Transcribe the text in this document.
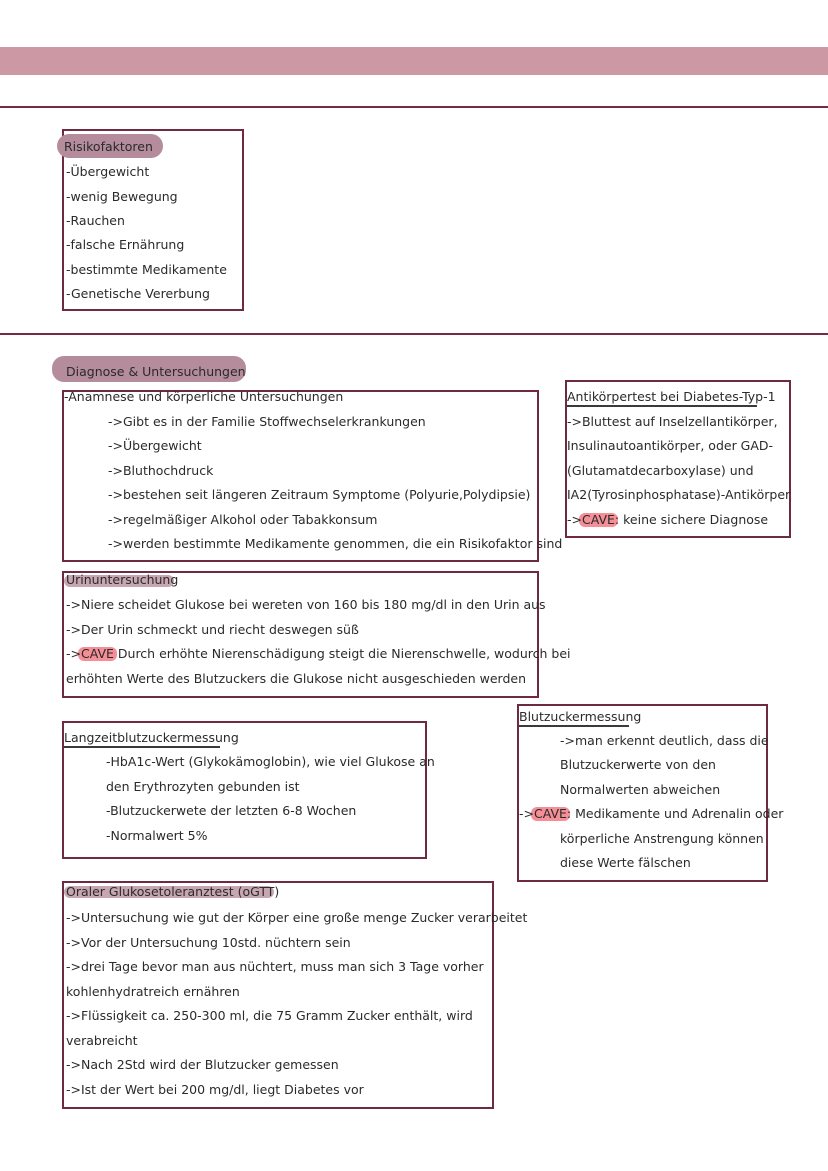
Risikofaktoren
-Übergewicht
-wenig Bewegung
-Rauchen
-falsche Ernährung
-bestimmte Medikamente
-Genetische Vererbung
Diagnose & Untersuchungen
-Anamnese und körperliche Untersuchungen
->Gibt es in der Familie Stoffwechselerkrankungen
->Übergewicht
->Bluthochdruck
->bestehen seit längeren Zeitraum Symptome (Polyurie,Polydipsie)
->regelmäßiger Alkohol oder Tabakkonsum
->werden bestimmte Medikamente genommen, die ein Risikofaktor sind
Antikörpertest bei Diabetes-Typ-1
->Bluttest auf Inselzellantikörper,
Insulinautoantikörper, oder GAD-
(Glutamatdecarboxylase) und
IA2(Tyrosinphosphatase)-Antikörper
->CAVE: keine sichere Diagnose
Urinuntersuchung
->Niere scheidet Glukose bei wereten von 160 bis 180 mg/dl in den Urin aus
->Der Urin schmeckt und riecht deswegen süß
->CAVE Durch erhöhte Nierenschädigung steigt die Nierenschwelle, wodurch bei
erhöhten Werte des Blutzuckers die Glukose nicht ausgeschieden werden
Langzeitblutzuckermessung
-HbA1c-Wert (Glykokämoglobin), wie viel Glukose an
den Erythrozyten gebunden ist
-Blutzuckerwete der letzten 6-8 Wochen
-Normalwert 5%
Blutzuckermessung
->man erkennt deutlich, dass die
Blutzuckerwerte von den
Normalwerten abweichen
->CAVE: Medikamente und Adrenalin oder
körperliche Anstrengung können
diese Werte fälschen
Oraler Glukosetoleranztest (oGTT)
->Untersuchung wie gut der Körper eine große menge Zucker verarbeitet
->Vor der Untersuchung 10std. nüchtern sein
->drei Tage bevor man aus nüchtert, muss man sich 3 Tage vorher
kohlenhydratreich ernähren
->Flüssigkeit ca. 250-300 ml, die 75 Gramm Zucker enthält, wird
verabreicht
->Nach 2Std wird der Blutzucker gemessen
->Ist der Wert bei 200 mg/dl, liegt Diabetes vor
